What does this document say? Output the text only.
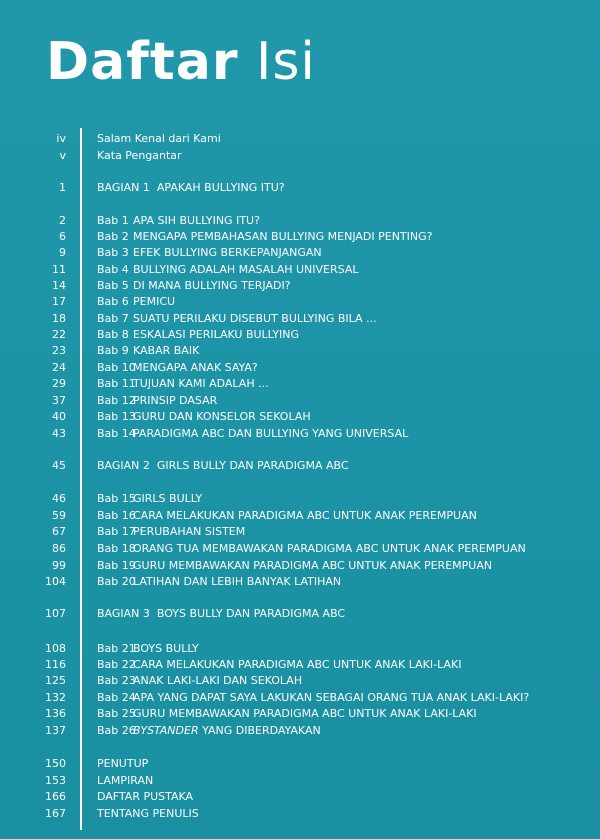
Daftar Isi
iv	Salam Kenal dari Kami
v	Kata Pengantar
1	BAGIAN 1  APAKAH BULLYING ITU?
2	Bab 1 APA SIH BULLYING ITU?
6	Bab 2 MENGAPA PEMBAHASAN BULLYING MENJADI PENTING?
9	Bab 3 EFEK BULLYING BERKEPANJANGAN
11	Bab 4 BULLYING ADALAH MASALAH UNIVERSAL
14	Bab 5 DI MANA BULLYING TERJADI?
17	Bab 6 PEMICU
18	Bab 7 SUATU PERILAKU DISEBUT BULLYING BILA ...
22	Bab 8 ESKALASI PERILAKU BULLYING
23	Bab 9 KABAR BAIK
24	Bab 10MENGAPA ANAK SAYA?
29	Bab 11TUJUAN KAMI ADALAH ...
37	Bab 12PRINSIP DASAR
40	Bab 13GURU DAN KONSELOR SEKOLAH
43	Bab 14PARADIGMA ABC DAN BULLYING YANG UNIVERSAL
45	BAGIAN 2  GIRLS BULLY DAN PARADIGMA ABC
46	Bab 15GIRLS BULLY
59	Bab 16CARA MELAKUKAN PARADIGMA ABC UNTUK ANAK PEREMPUAN
67	Bab 17PERUBAHAN SISTEM
86	Bab 18ORANG TUA MEMBAWAKAN PARADIGMA ABC UNTUK ANAK PEREMPUAN
99	Bab 19GURU MEMBAWAKAN PARADIGMA ABC UNTUK ANAK PEREMPUAN
104	Bab 20LATIHAN DAN LEBIH BANYAK LATIHAN
107	BAGIAN 3  BOYS BULLY DAN PARADIGMA ABC
108	Bab 21BOYS BULLY
116	Bab 22CARA MELAKUKAN PARADIGMA ABC UNTUK ANAK LAKI-LAKI
125	Bab 23ANAK LAKI-LAKI DAN SEKOLAH
132	Bab 24APA YANG DAPAT SAYA LAKUKAN SEBAGAI ORANG TUA ANAK LAKI-LAKI?
136	Bab 25GURU MEMBAWAKAN PARADIGMA ABC UNTUK ANAK LAKI-LAKI
137	Bab 26BYSTANDER YANG DIBERDAYAKAN
150	PENUTUP
153	LAMPIRAN
166	DAFTAR PUSTAKA
167	TENTANG PENULIS
